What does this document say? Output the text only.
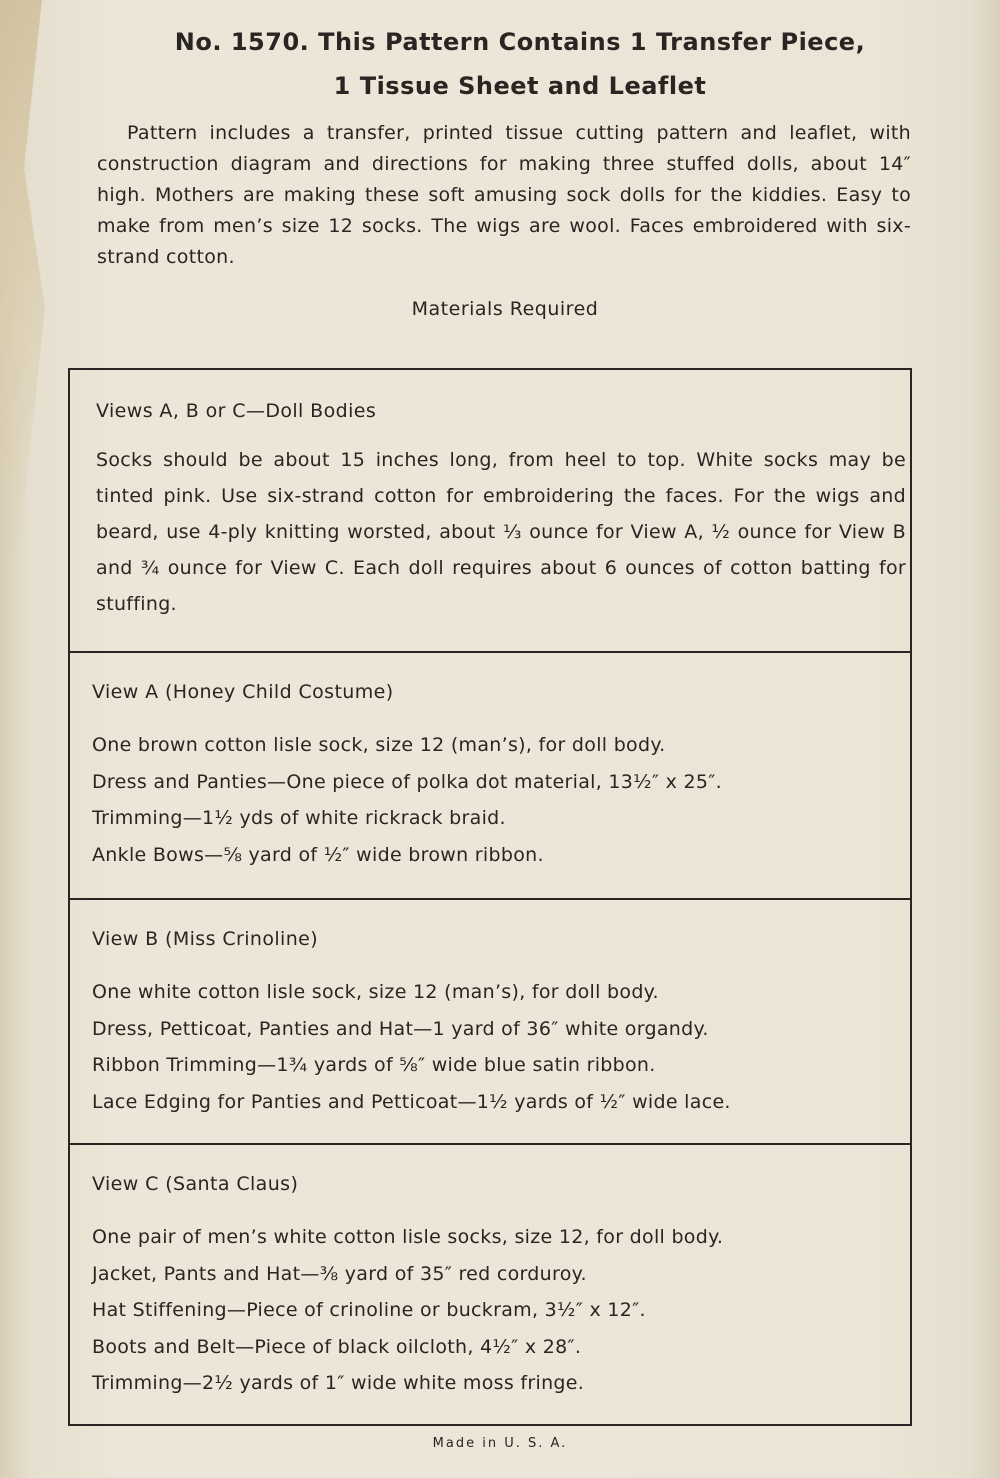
No. 1570. This Pattern Contains 1 Transfer Piece,
1 Tissue Sheet and Leaflet

Pattern includes a transfer, printed tissue cutting pattern and leaflet, with construction diagram and directions for making three stuffed dolls, about 14″ high. Mothers are making these soft amusing sock dolls for the kiddies. Easy to make from men’s size 12 socks. The wigs are wool. Faces embroidered with six-strand cotton.

Materials Required

Views A, B or C—Doll Bodies

Socks should be about 15 inches long, from heel to top. White socks may be tinted pink. Use six-strand cotton for embroidering the faces. For the wigs and beard, use 4-ply knitting worsted, about ⅓ ounce for View A, ½ ounce for View B and ¾ ounce for View C. Each doll requires about 6 ounces of cotton batting for stuffing.

View A (Honey Child Costume)

One brown cotton lisle sock, size 12 (man’s), for doll body.
Dress and Panties—One piece of polka dot material, 13½″ x 25″.
Trimming—1½ yds of white rickrack braid.
Ankle Bows—⅝ yard of ½″ wide brown ribbon.

View B (Miss Crinoline)

One white cotton lisle sock, size 12 (man’s), for doll body.
Dress, Petticoat, Panties and Hat—1 yard of 36″ white organdy.
Ribbon Trimming—1¾ yards of ⅝″ wide blue satin ribbon.
Lace Edging for Panties and Petticoat—1½ yards of ½″ wide lace.

View C (Santa Claus)

One pair of men’s white cotton lisle socks, size 12, for doll body.
Jacket, Pants and Hat—⅜ yard of 35″ red corduroy.
Hat Stiffening—Piece of crinoline or buckram, 3½″ x 12″.
Boots and Belt—Piece of black oilcloth, 4½″ x 28″.
Trimming—2½ yards of 1″ wide white moss fringe.

Made in U. S. A.
